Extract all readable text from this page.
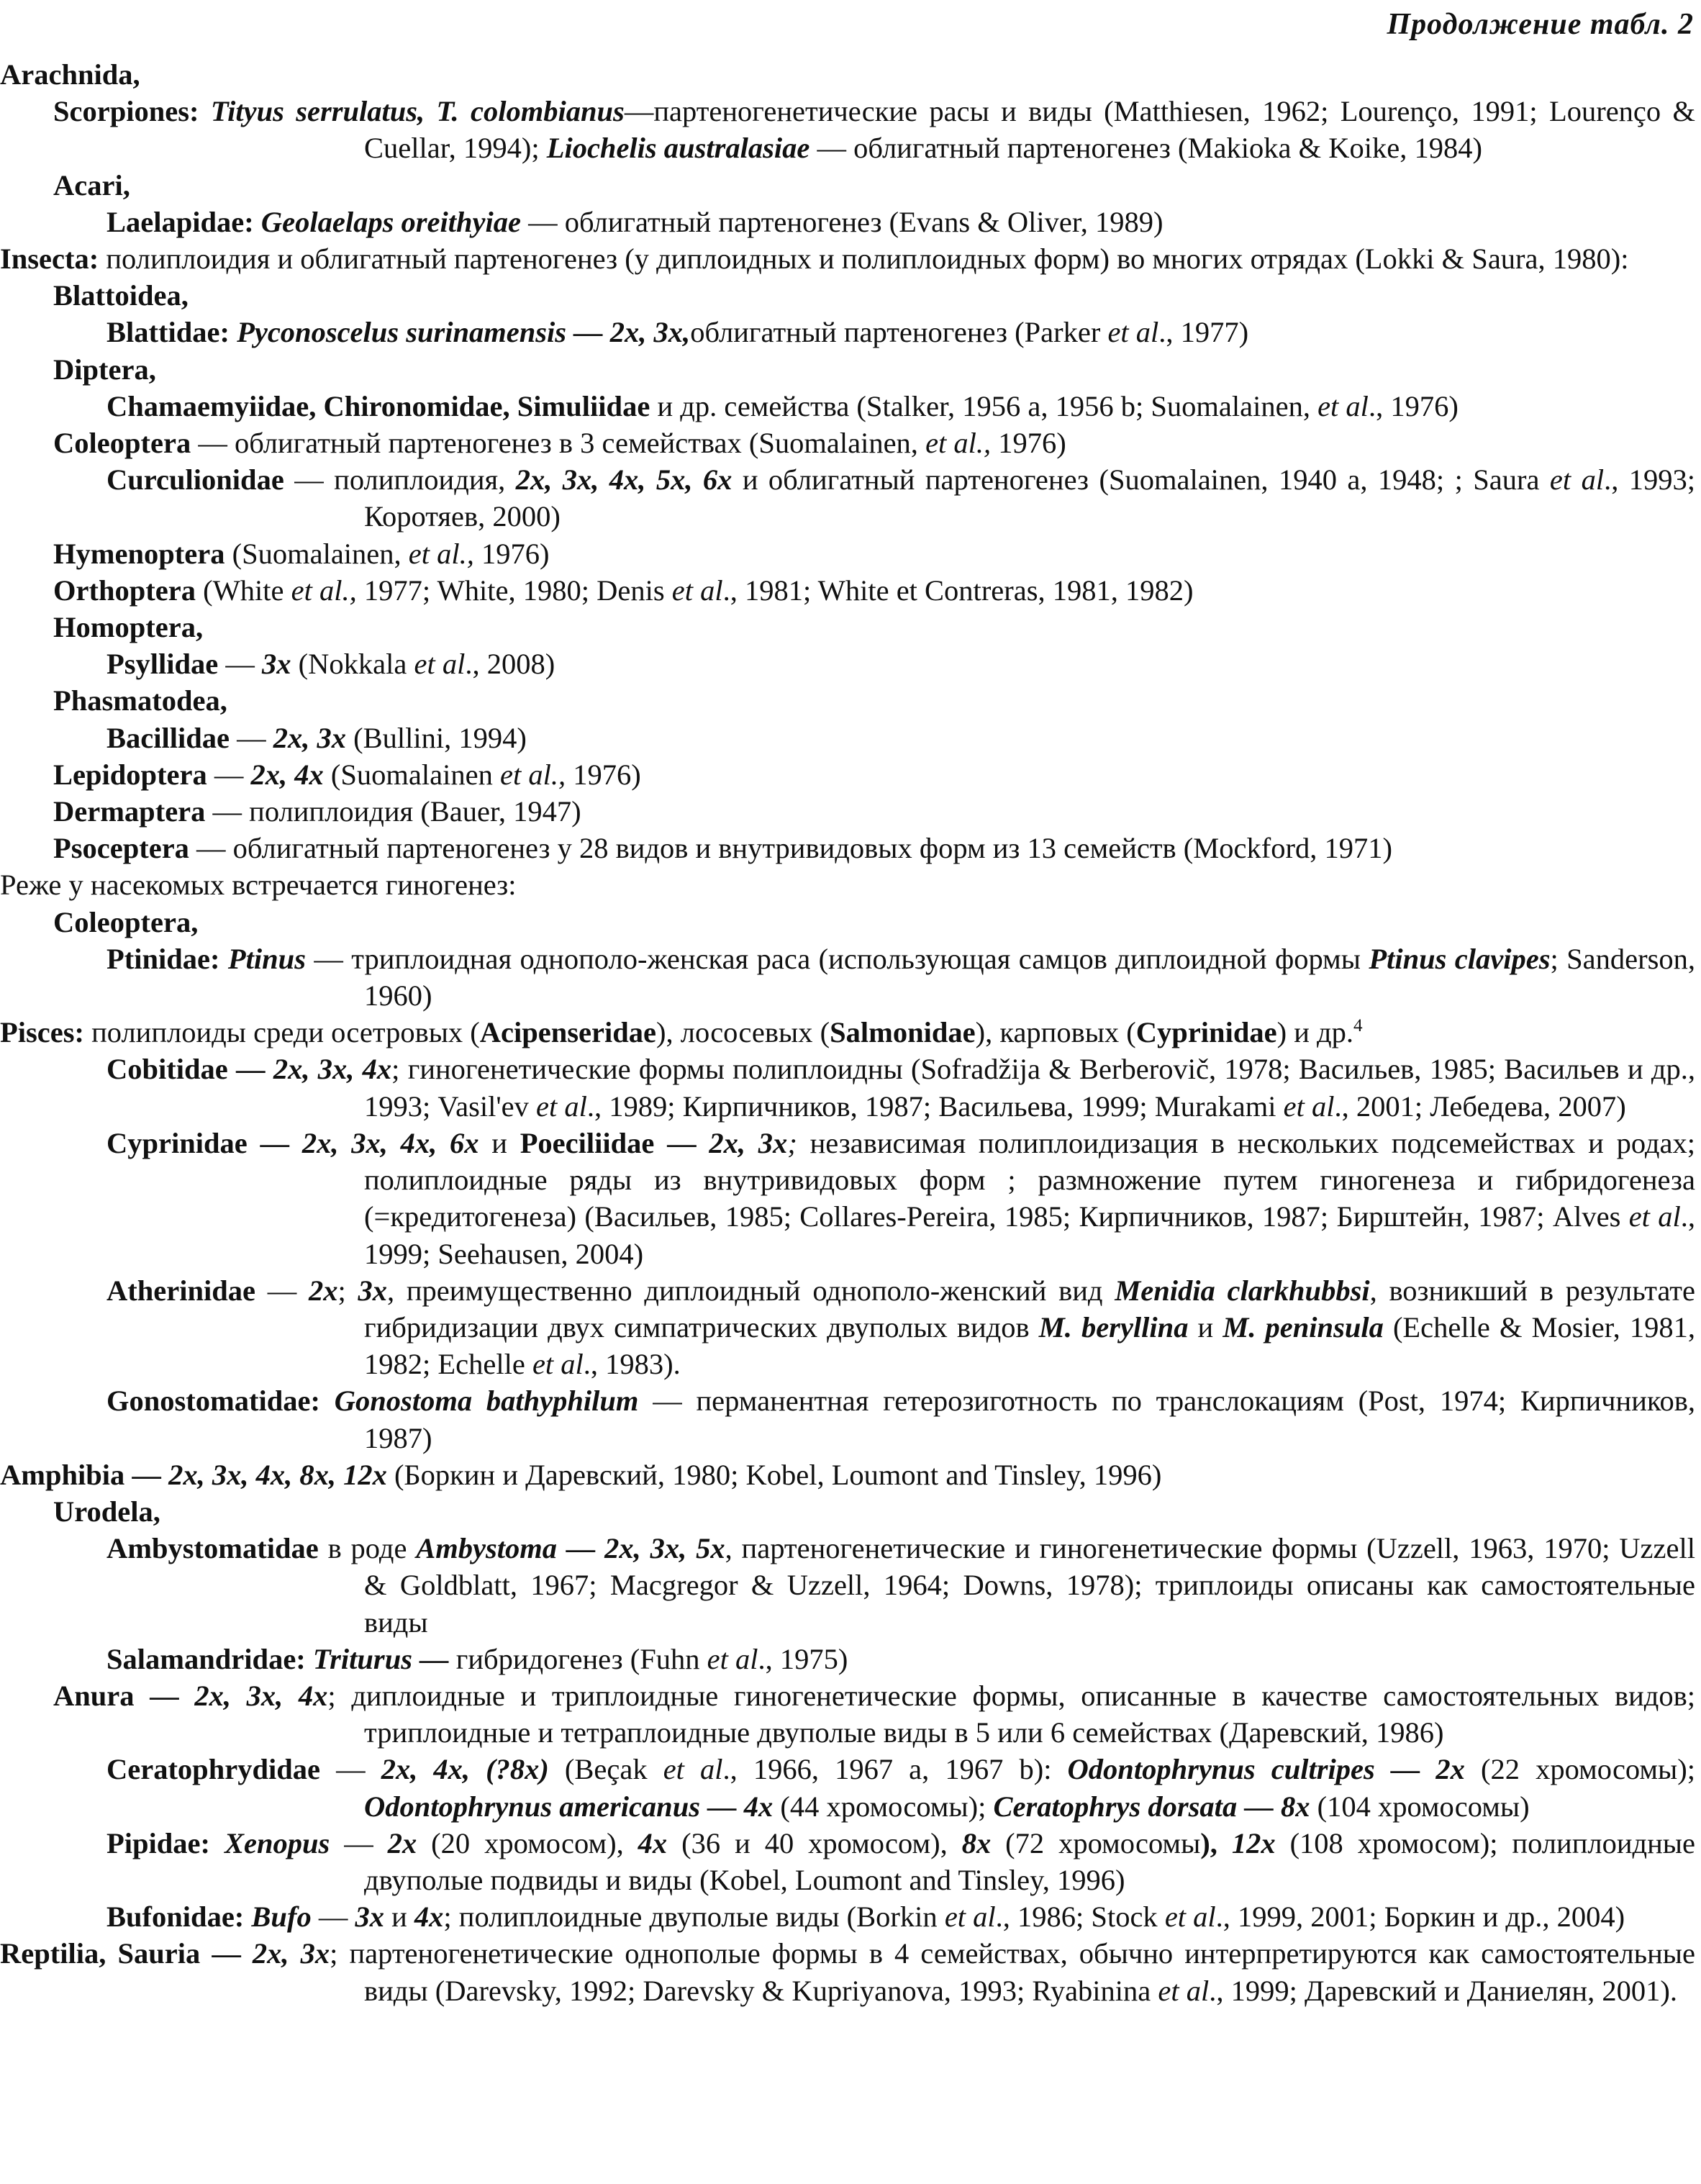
Продолжение табл. 2
Arachnida,
Scorpiones: Tityus serrulatus, T. colombianus—партеногенетические расы и виды (Matthiesen, 1962; Lourenço, 1991; Lourenço & Cuellar, 1994); Liochelis australasiae — облигатный партеногенез (Makioka & Koike, 1984)
Acari,
Laelapidae: Geolaelaps oreithyiae — облигатный партеногенез (Evans & Oliver, 1989)
Insecta: полиплоидия и облигатный партеногенез (у диплоидных и полиплоидных форм) во многих отрядах (Lokki & Saura, 1980):
Blattoidea,
Blattidae: Pyconoscelus surinamensis — 2x, 3x,облигатный партеногенез (Parker et al., 1977)
Diptera,
Chamaemyiidae, Chironomidae, Simuliidae и др. семейства (Stalker, 1956 a, 1956 b; Suomalainen, et al., 1976)
Coleoptera — облигатный партеногенез в 3 семействах (Suomalainen, et al., 1976)
Curculionidae — полиплоидия, 2x, 3x, 4x, 5x, 6x и облигатный партеногенез (Suomalainen, 1940 a, 1948; ; Saura et al., 1993; Коротяев, 2000)
Hymenoptera (Suomalainen, et al., 1976)
Orthoptera (White et al., 1977; White, 1980; Denis et al., 1981; White et Contreras, 1981, 1982)
Homoptera,
Psyllidae — 3x (Nokkala et al., 2008)
Phasmatodea,
Bacillidae — 2x, 3x (Bullini, 1994)
Lepidoptera — 2x, 4x (Suomalainen et al., 1976)
Dermaptera — полиплоидия (Bauer, 1947)
Psoceptera — облигатный партеногенез у 28 видов и внутривидовых форм из 13 семейств (Mockford, 1971)
Реже у насекомых встречается гиногенез:
Coleoptera,
Ptinidae: Ptinus — триплоидная однополо-женская раса (использующая самцов диплоидной формы Ptinus clavipes; Sanderson, 1960)
Pisces: полиплоиды среди осетровых (Acipenseridae), лососевых (Salmonidae), карповых (Cyprinidae) и др.$^4$
Cobitidae — 2x, 3x, 4x; гиногенетические формы полиплоидны (Sofradžija & Berberovič, 1978; Васильев, 1985; Васильев и др., 1993; Vasil'ev et al., 1989; Кирпичников, 1987; Васильева, 1999; Murakami et al., 2001; Лебедева, 2007)
Cyprinidae — 2x, 3x, 4x, 6x и Poeciliidae — 2x, 3x; независимая полиплоидизация в нескольких подсемействах и родах; полиплоидные ряды из внутривидовых форм ; размножение путем гиногенеза и гибридогенеза (=кредитогенеза) (Васильев, 1985; Collares-Pereira, 1985; Кирпичников, 1987; Бирштейн, 1987; Alves et al., 1999; Seehausen, 2004)
Atherinidae — 2x; 3x, преимущественно диплоидный однополо-женский вид Menidia clarkhubbsi, возникший в результате гибридизации двух симпатрических двуполых видов M. beryllina и M. peninsula (Echelle & Mosier, 1981, 1982; Echelle et al., 1983).
Gonostomatidae: Gonostoma bathyphilum — перманентная гетерозиготность по транслокациям (Post, 1974; Кирпичников, 1987)
Amphibia — 2x, 3x, 4x, 8x, 12x (Боркин и Даревский, 1980; Kobel, Loumont and Tinsley, 1996)
Urodela,
Ambystomatidae в роде Ambystoma — 2x, 3x, 5x, партеногенетические и гиногенетические формы (Uzzell, 1963, 1970; Uzzell & Goldblatt, 1967; Macgregor & Uzzell, 1964; Downs, 1978); триплоиды описаны как самостоятельные виды
Salamandridae: Triturus — гибридогенез (Fuhn et al., 1975)
Anura — 2x, 3x, 4x; диплоидные и триплоидные гиногенетические формы, описанные в качестве самостоятельных видов; триплоидные и тетраплоидные двуполые виды в 5 или 6 семействах (Даревский, 1986)
Ceratophrydidae — 2x, 4x, (?8x) (Beçak et al., 1966, 1967 a, 1967 b): Odontophrynus cultripes — 2x (22 хромосомы); Odontophrynus americanus — 4x (44 хромосомы); Ceratophrys dorsata — 8x (104 хромосомы)
Pipidae: Xenopus — 2x (20 хромосом), 4x (36 и 40 хромосом), 8x (72 хромосомы), 12x (108 хромосом); полиплоидные двуполые подвиды и виды (Kobel, Loumont and Tinsley, 1996)
Bufonidae: Bufo — 3x и 4x; полиплоидные двуполые виды (Borkin et al., 1986; Stock et al., 1999, 2001; Боркин и др., 2004)
Reptilia, Sauria — 2x, 3x; партеногенетические однополые формы в 4 семействах, обычно интерпретируются как самостоятельные виды (Darevsky, 1992; Darevsky & Kupriyanova, 1993; Ryabinina et al., 1999; Даревский и Даниелян, 2001).
